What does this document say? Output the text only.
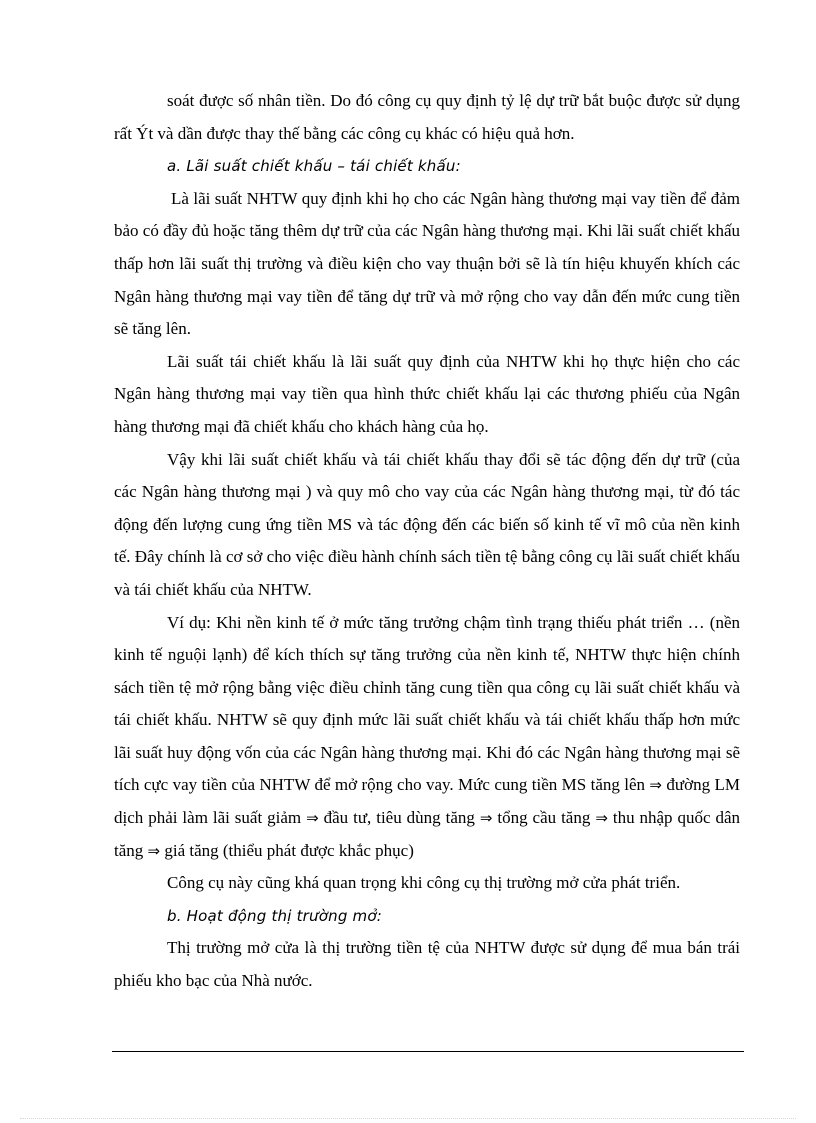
soát được số nhân tiền. Do đó công cụ quy định tỷ lệ dự trữ bắt buộc được sử dụng rất Ýt và dần được thay thế bằng các công cụ khác có hiệu quả hơn.

a. Lãi suất chiết khấu – tái chiết khấu:

Là lãi suất NHTW quy định khi họ cho các Ngân hàng thương mại vay tiền để đảm bảo có đầy đủ hoặc tăng thêm dự trữ của các Ngân hàng thương mại. Khi lãi suất chiết khấu thấp hơn lãi suất thị trường và điều kiện cho vay thuận bởi sẽ là tín hiệu khuyến khích các Ngân hàng thương mại vay tiền để tăng dự trữ và mở rộng cho vay dẫn đến mức cung tiền sẽ tăng lên.

Lãi suất tái chiết khấu là lãi suất quy định của NHTW khi họ thực hiện cho các Ngân hàng thương mại vay tiền qua hình thức chiết khấu lại các thương phiếu của Ngân hàng thương mại đã chiết khấu cho khách hàng của họ.

Vậy khi lãi suất chiết khấu và tái chiết khấu thay đổi sẽ tác động đến dự trữ (của các Ngân hàng thương mại ) và quy mô cho vay của các Ngân hàng thương mại, từ đó tác động đến lượng cung ứng tiền MS và tác động đến các biến số kinh tế vĩ mô của nền kinh tế. Đây chính là cơ sở cho việc điều hành chính sách tiền tệ bằng công cụ lãi suất chiết khấu và tái chiết khấu của NHTW.

Ví dụ: Khi nền kinh tế ở mức tăng trưởng chậm tình trạng thiếu phát triển … (nền kinh tế nguội lạnh) để kích thích sự tăng trưởng của nền kinh tế, NHTW thực hiện chính sách tiền tệ mở rộng bằng việc điều chỉnh tăng cung tiền qua công cụ lãi suất chiết khấu và tái chiết khấu. NHTW sẽ quy định mức lãi suất chiết khấu và tái chiết khấu thấp hơn mức lãi suất huy động vốn của các Ngân hàng thương mại. Khi đó các Ngân hàng thương mại sẽ tích cực vay tiền của NHTW để mở rộng cho vay. Mức cung tiền MS tăng lên ⇒ đường LM dịch phải làm lãi suất giảm ⇒ đầu tư, tiêu dùng tăng ⇒ tổng cầu tăng ⇒ thu nhập quốc dân tăng ⇒ giá tăng (thiểu phát được khắc phục)

Công cụ này cũng khá quan trọng khi công cụ thị trường mở cửa phát triển.

b. Hoạt động thị trường mở:

Thị trường mở cửa là thị trường tiền tệ của NHTW được sử dụng để mua bán trái phiếu kho bạc của Nhà nước.
